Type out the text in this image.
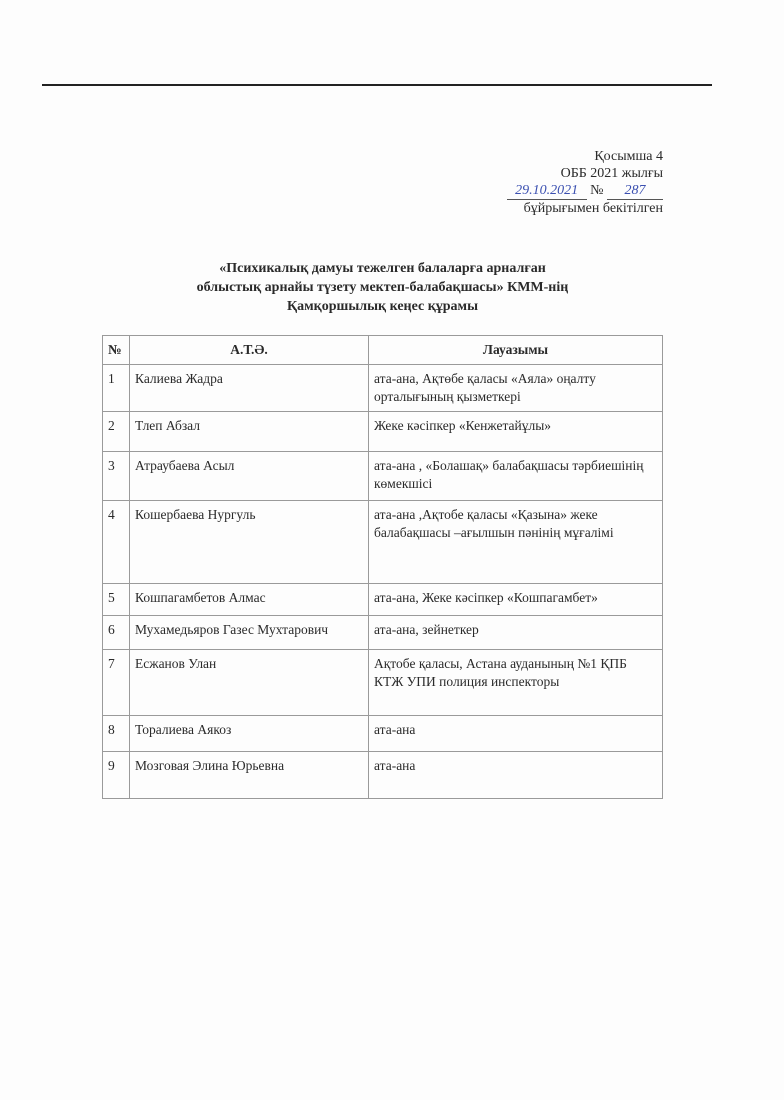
Қосымша 4
ОББ 2021 жылғы
29.10.2021 № 287
бұйрығымен бекітілген
«Психикалық дамуы тежелген балаларға арналған
облыстық арнайы түзету мектеп-балабақшасы» КММ-нің
Қамқоршылық кеңес құрамы
№	А.Т.Ә.	Лауазымы
1	Калиева Жадра	ата-ана, Ақтөбе қаласы «Аяла» оңалту орталығының қызметкері
2	Тлеп Абзал	Жеке кәсіпкер «Кенжетайұлы»
3	Атраубаева Асыл	ата-ана , «Болашақ» балабақшасы тәрбиешінің көмекшісі
4	Кошербаева Нургуль	ата-ана ,Ақтобе қаласы «Қазына» жеке балабақшасы –ағылшын пәнінің мұғалімі
5	Кошпагамбетов Алмас	ата-ана, Жеке кәсіпкер «Кошпагамбет»
6	Мухамедьяров Газес Мухтарович	ата-ана, зейнеткер
7	Есжанов Улан	Ақтобе қаласы, Астана ауданының №1 ҚПБ КТЖ УПИ полиция инспекторы
8	Торалиева Аякоз	ата-ана
9	Мозговая Элина Юрьевна	ата-ана
